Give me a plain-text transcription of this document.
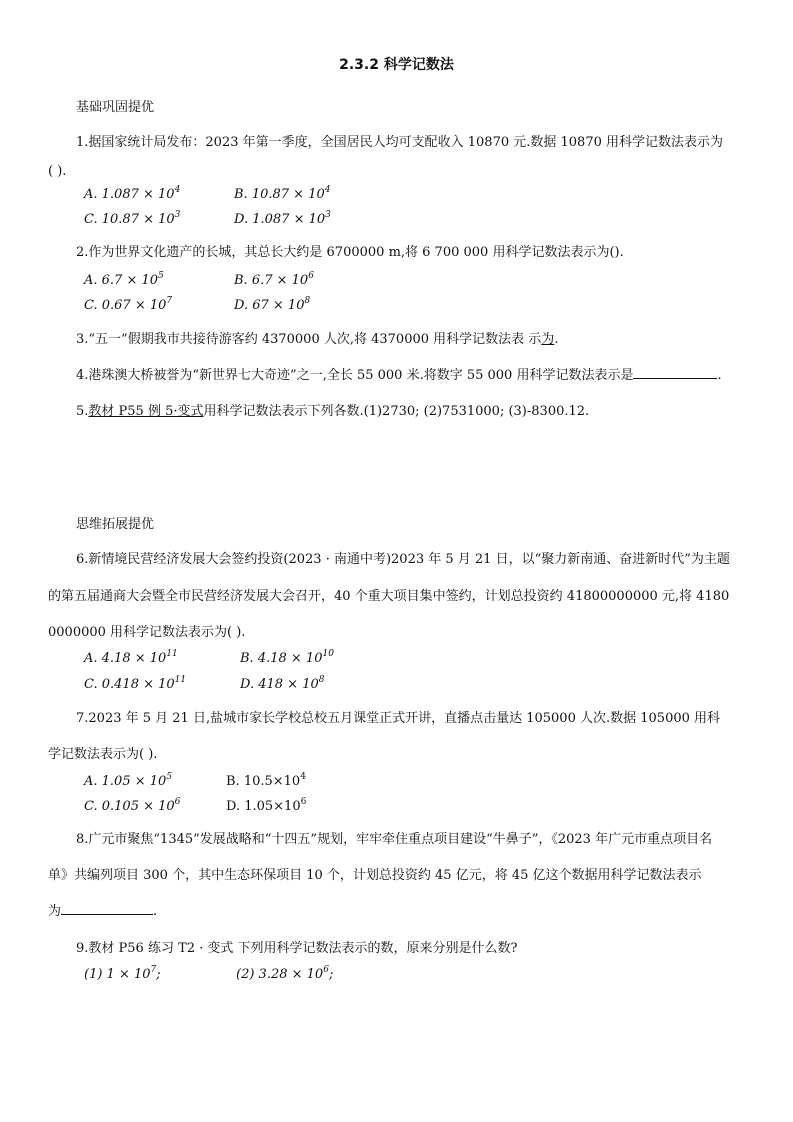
2.3.2 科学记数法
基础巩固提优
1.据国家统计局发布：2023 年第一季度，全国居民人均可支配收入 10870 元.数据 10870 用科学记数法表示为
( ).
A. $1.087 \times 10^4$	B. $10.87 \times 10^4$
C. $10.87 \times 10^3$	D. $1.087 \times 10^3$
2.作为世界文化遗产的长城，其总长大约是 6700000 m,将 6 700 000 用科学记数法表示为().
A. $6.7 \times 10^5$	B. $6.7 \times 10^6$
C. $0.67 \times 10^7$	D. $67 \times 10^8$
3.“五一”假期我市共接待游客约 4370000 人次,将 4370000 用科学记数法表 示为.
4.港珠澳大桥被誉为“新世界七大奇迹”之一,全长 55 000 米.将数字 55 000 用科学记数法表示是	.
5.教材 P55 例 5·变式用科学记数法表示下列各数.(1)2730; (2)7531000; (3)-8300.12.
思维拓展提优
6.新情境民营经济发展大会签约投资(2023 · 南通中考)2023 年 5 月 21 日，以“聚力新南通、奋进新时代”为主题
的第五届通商大会暨全市民营经济发展大会召开，40 个重大项目集中签约，计划总投资约 41800000000 元,将 4180
0000000 用科学记数法表示为( ).
A. $4.18 \times 10^{11}$	B. $4.18 \times 10^{10}$
C. $0.418 \times 10^{11}$	D. $418 \times 10^8$
7.2023 年 5 月 21 日,盐城市家长学校总校五月课堂正式开讲，直播点击量达 105000 人次.数据 105000 用科
学记数法表示为( ).
A. $1.05 \times 10^5$	B. $10.5\times 10^4$
C. $0.105 \times 10^6$	D. $1.05\times 10^6$
8.广元市聚焦“1345”发展战略和“十四五”规划，牢牢牵住重点项目建设“牛鼻子”，《2023 年广元市重点项目名
单》共编列项目 300 个，其中生态环保项目 10 个，计划总投资约 45 亿元，将 45 亿这个数据用科学记数法表示
为	.
9.教材 P56 练习 T2 · 变式 下列用科学记数法表示的数，原来分别是什么数?
(1) $1 \times 10^7$;	(2) $3.28 \times 10^6$;
